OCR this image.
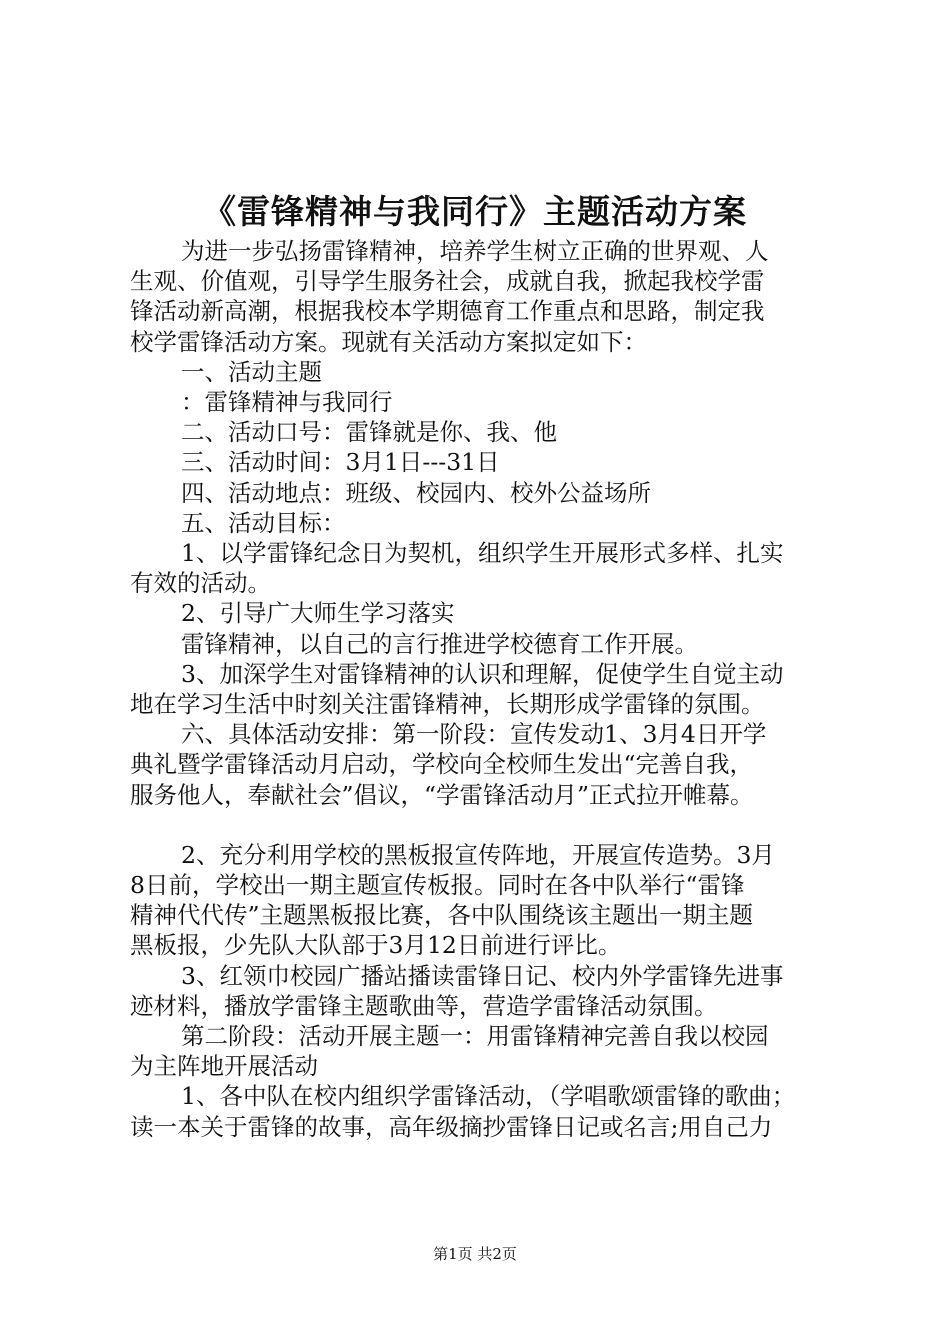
《雷锋精神与我同行》主题活动方案

为进一步弘扬雷锋精神，培养学生树立正确的世界观、人

生观、价值观，引导学生服务社会，成就自我，掀起我校学雷

锋活动新高潮，根据我校本学期德育工作重点和思路，制定我

校学雷锋活动方案。现就有关活动方案拟定如下：

一、活动主题

：雷锋精神与我同行

二、活动口号：雷锋就是你、我、他

三、活动时间：3月1日---31日

四、活动地点：班级、校园内、校外公益场所

五、活动目标：

1、以学雷锋纪念日为契机，组织学生开展形式多样、扎实

有效的活动。

2、引导广大师生学习落实

雷锋精神，以自己的言行推进学校德育工作开展。

3、加深学生对雷锋精神的认识和理解，促使学生自觉主动

地在学习生活中时刻关注雷锋精神，长期形成学雷锋的氛围。

六、具体活动安排：第一阶段：宣传发动1、3月4日开学

典礼暨学雷锋活动月启动，学校向全校师生发出“完善自我，

服务他人，奉献社会”倡议，“学雷锋活动月”正式拉开帷幕。

2、充分利用学校的黑板报宣传阵地，开展宣传造势。3月

8日前，学校出一期主题宣传板报。同时在各中队举行“雷锋

精神代代传”主题黑板报比赛，各中队围绕该主题出一期主题

黑板报，少先队大队部于3月12日前进行评比。

3、红领巾校园广播站播读雷锋日记、校内外学雷锋先进事

迹材料，播放学雷锋主题歌曲等，营造学雷锋活动氛围。

第二阶段：活动开展主题一：用雷锋精神完善自我以校园

为主阵地开展活动

1、各中队在校内组织学雷锋活动，（学唱歌颂雷锋的歌曲；

读一本关于雷锋的故事，高年级摘抄雷锋日记或名言;用自己力

第1页 共2页
